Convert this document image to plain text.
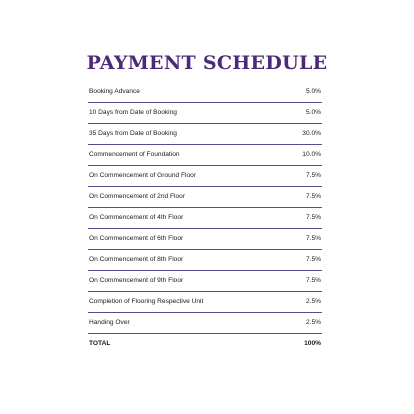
PAYMENT SCHEDULE
Booking Advance	5.0%
10 Days from Date of Booking	5.0%
35 Days from Date of Booking	30.0%
Commencement of Foundation	10.0%
On Commencement of Ground Floor	7.5%
On Commencement of 2nd Floor	7.5%
On Commencement of 4th Floor	7.5%
On Commencement of 6th Floor	7.5%
On Commencement of 8th Floor	7.5%
On Commencement of 9th Floor	7.5%
Completion of Flooring Respective Unit	2.5%
Handing Over	2.5%
TOTAL	100%
